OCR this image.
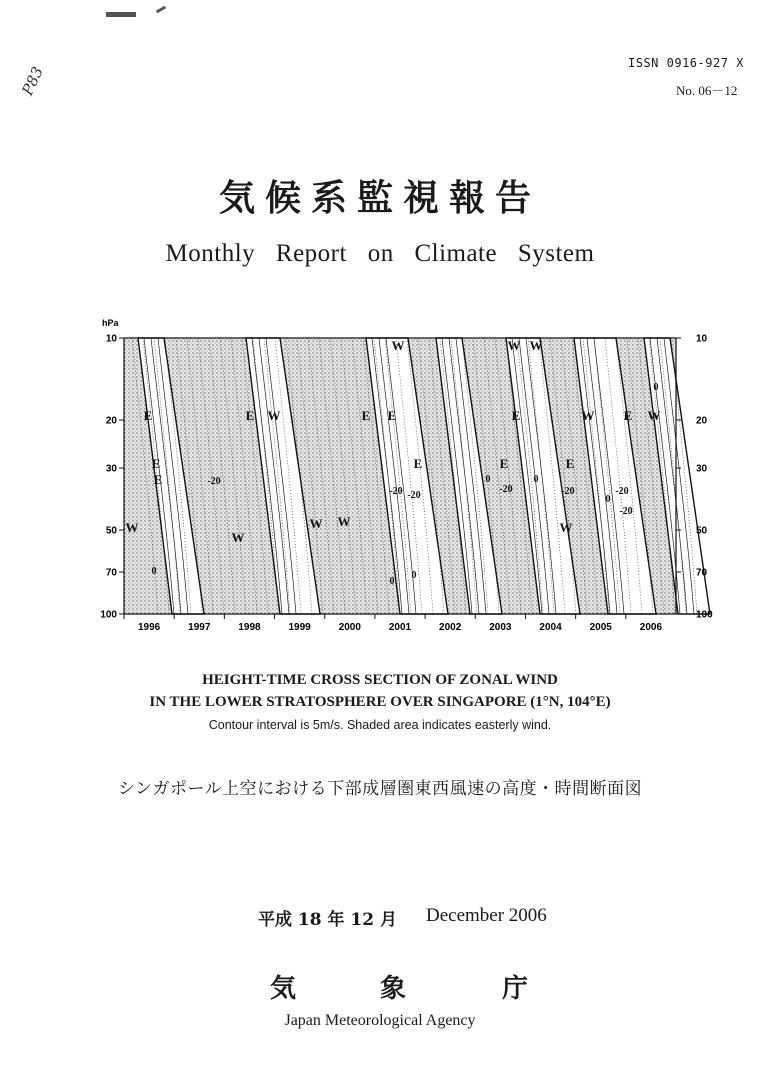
ISSN 0916-927 X
No. 06－12
P83
気候系監視報告
Monthly Report on Climate System
hPa
10
20
30
50
70
100
10
20
30
50
70
100
1996	1997	1998	1999	2000	2001	2002	2003	2004	2005	2006
E	E W
W
-20
E
W
W
W
-20
W
E E
-20
0
W
E
-20
E
0
W
E W
W
-20
0
E
W
E
-20
0
0
0
E
0
-20
HEIGHT-TIME CROSS SECTION OF ZONAL WIND
IN THE LOWER STRATOSPHERE OVER SINGAPORE (1°N, 104°E)
Contour interval is 5m/s. Shaded area indicates easterly wind.
シンガポール上空における下部成層圏東西風速の高度・時間断面図
平成 18 年 12 月 December 2006
気	象	庁
Japan Meteorological Agency
